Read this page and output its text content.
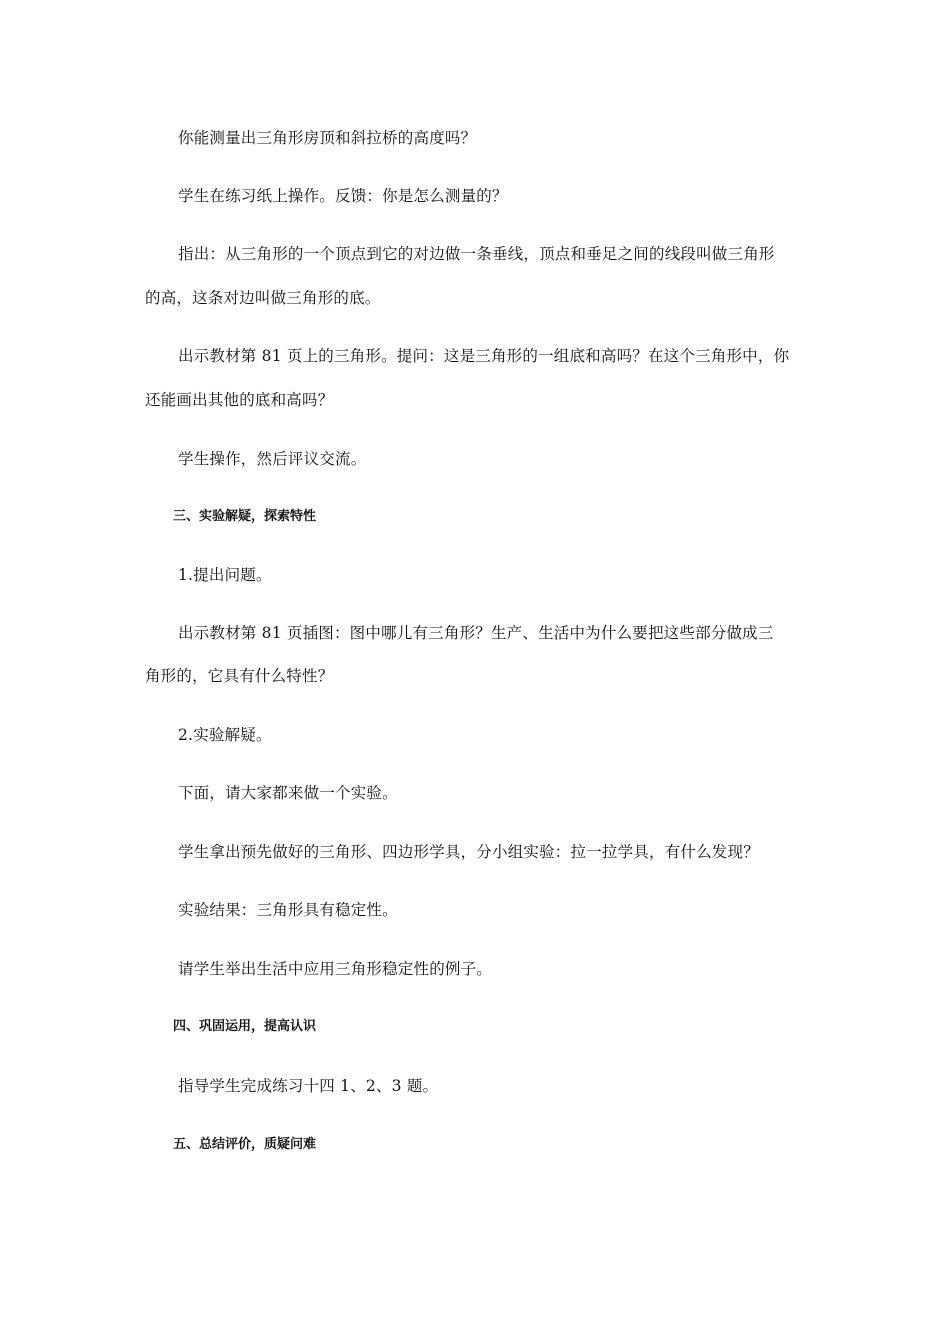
你能测量出三角形房顶和斜拉桥的高度吗？
学生在练习纸上操作。反馈：你是怎么测量的？
指出：从三角形的一个顶点到它的对边做一条垂线，顶点和垂足之间的线段叫做三角形
的高，这条对边叫做三角形的底。
出示教材第 81 页上的三角形。提问：这是三角形的一组底和高吗？在这个三角形中，你
还能画出其他的底和高吗？
学生操作，然后评议交流。
三、实验解疑，探索特性
1.提出问题。
出示教材第 81 页插图：图中哪儿有三角形？生产、生活中为什么要把这些部分做成三
角形的，它具有什么特性？
2.实验解疑。
下面，请大家都来做一个实验。
学生拿出预先做好的三角形、四边形学具，分小组实验：拉一拉学具，有什么发现？
实验结果：三角形具有稳定性。
请学生举出生活中应用三角形稳定性的例子。
四、巩固运用，提高认识
指导学生完成练习十四 1、2、3 题。
五、总结评价，质疑问难
